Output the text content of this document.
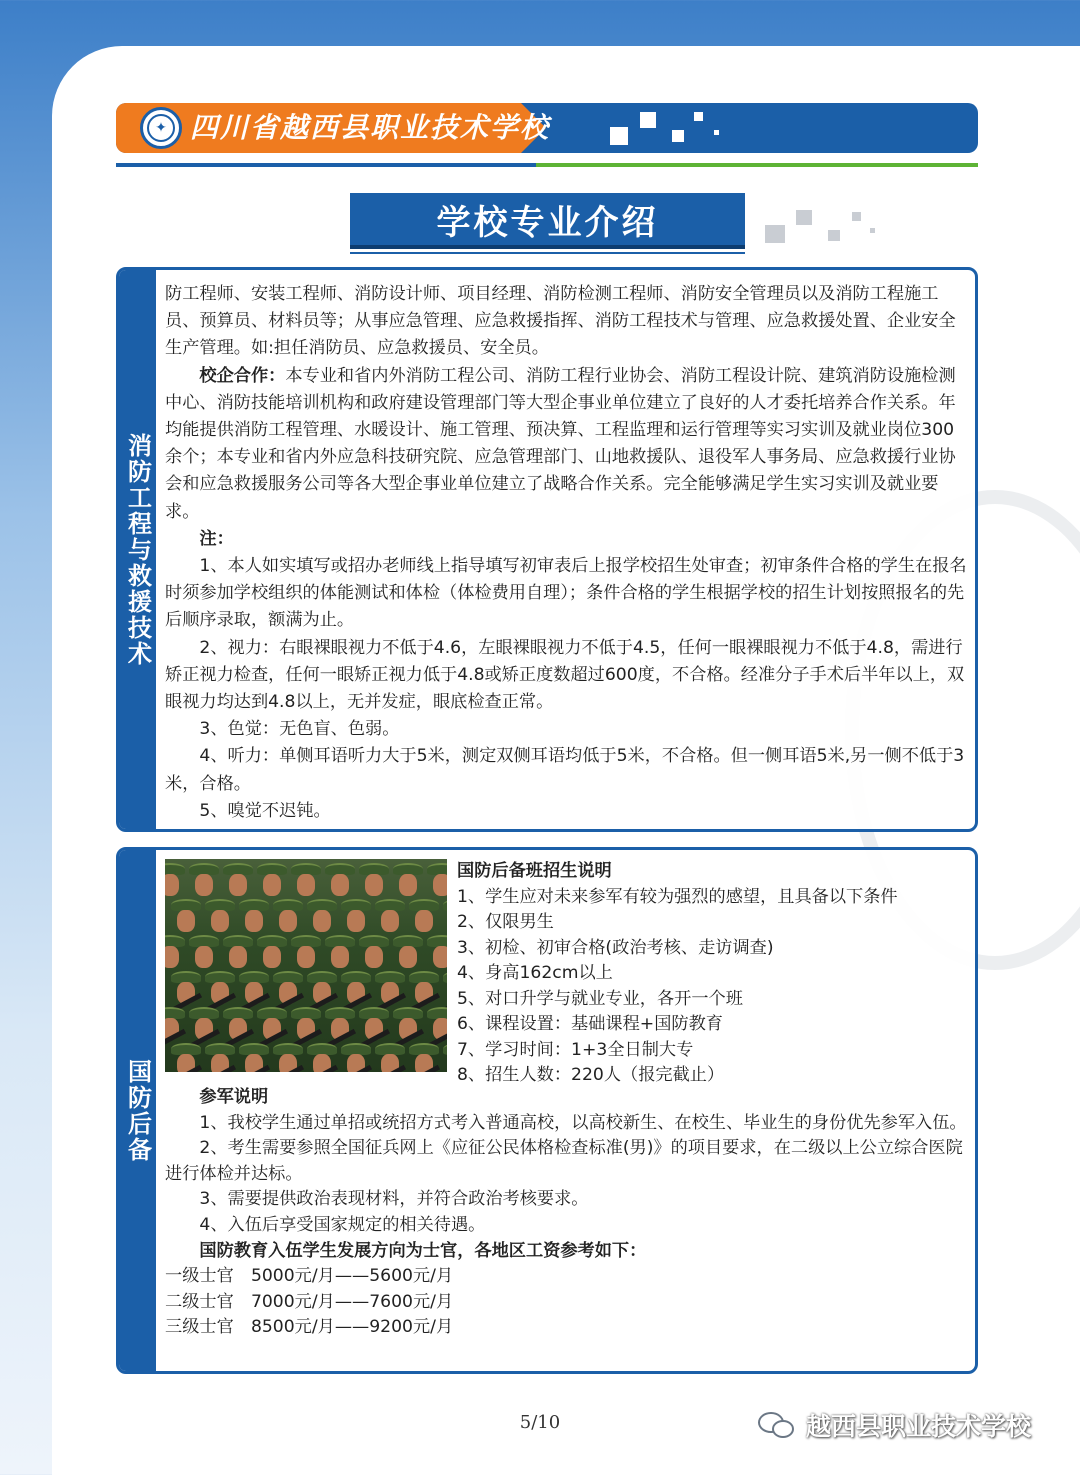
✦ 四川省越西县职业技术学校
学校专业介绍
消防工程与救援技术

防工程师、安装工程师、消防设计师、项目经理、消防检测工程师、消防安全管理员以及消防工程施工员、预算员、材料员等；从事应急管理、应急救援指挥、消防工程技术与管理、应急救援处置、企业安全生产管理。如:担任消防员、应急救援员、安全员。

校企合作：本专业和省内外消防工程公司、消防工程行业协会、消防工程设计院、建筑消防设施检测中心、消防技能培训机构和政府建设管理部门等大型企事业单位建立了良好的人才委托培养合作关系。年均能提供消防工程管理、水暖设计、施工管理、预决算、工程监理和运行管理等实习实训及就业岗位300余个；本专业和省内外应急科技研究院、应急管理部门、山地救援队、退役军人事务局、应急救援行业协会和应急救援服务公司等各大型企事业单位建立了战略合作关系。完全能够满足学生实习实训及就业要求。

注：

1、本人如实填写或招办老师线上指导填写初审表后上报学校招生处审查；初审条件合格的学生在报名时须参加学校组织的体能测试和体检（体检费用自理）；条件合格的学生根据学校的招生计划按照报名的先后顺序录取，额满为止。

2、视力：右眼裸眼视力不低于4.6，左眼裸眼视力不低于4.5，任何一眼裸眼视力不低于4.8，需进行矫正视力检查，任何一眼矫正视力低于4.8或矫正度数超过600度，不合格。经准分子手术后半年以上，双眼视力均达到4.8以上，无并发症，眼底检查正常。

3、色觉：无色盲、色弱。

4、听力：单侧耳语听力大于5米，测定双侧耳语均低于5米，不合格。但一侧耳语5米,另一侧不低于3米，合格。

5、嗅觉不迟钝。

国防后备

国防后备班招生说明

1、学生应对未来参军有较为强烈的感望，且具备以下条件

2、仅限男生

3、初检、初审合格(政治考核、走访调查)

4、身高162cm以上

5、对口升学与就业专业，各开一个班

6、课程设置：基础课程+国防教育

7、学习时间：1+3全日制大专

8、招生人数：220人（报完截止）

参军说明

1、我校学生通过单招或统招方式考入普通高校，以高校新生、在校生、毕业生的身份优先参军入伍。

2、考生需要参照全国征兵网上《应征公民体格检查标准(男)》的项目要求，在二级以上公立综合医院进行体检并达标。

3、需要提供政治表现材料，并符合政治考核要求。

4、入伍后享受国家规定的相关待遇。

国防教育入伍学生发展方向为士官，各地区工资参考如下：

一级士官　5000元/月——5600元/月

二级士官　7000元/月——7600元/月

三级士官　8500元/月——9200元/月

5/10	越西县职业技术学校
